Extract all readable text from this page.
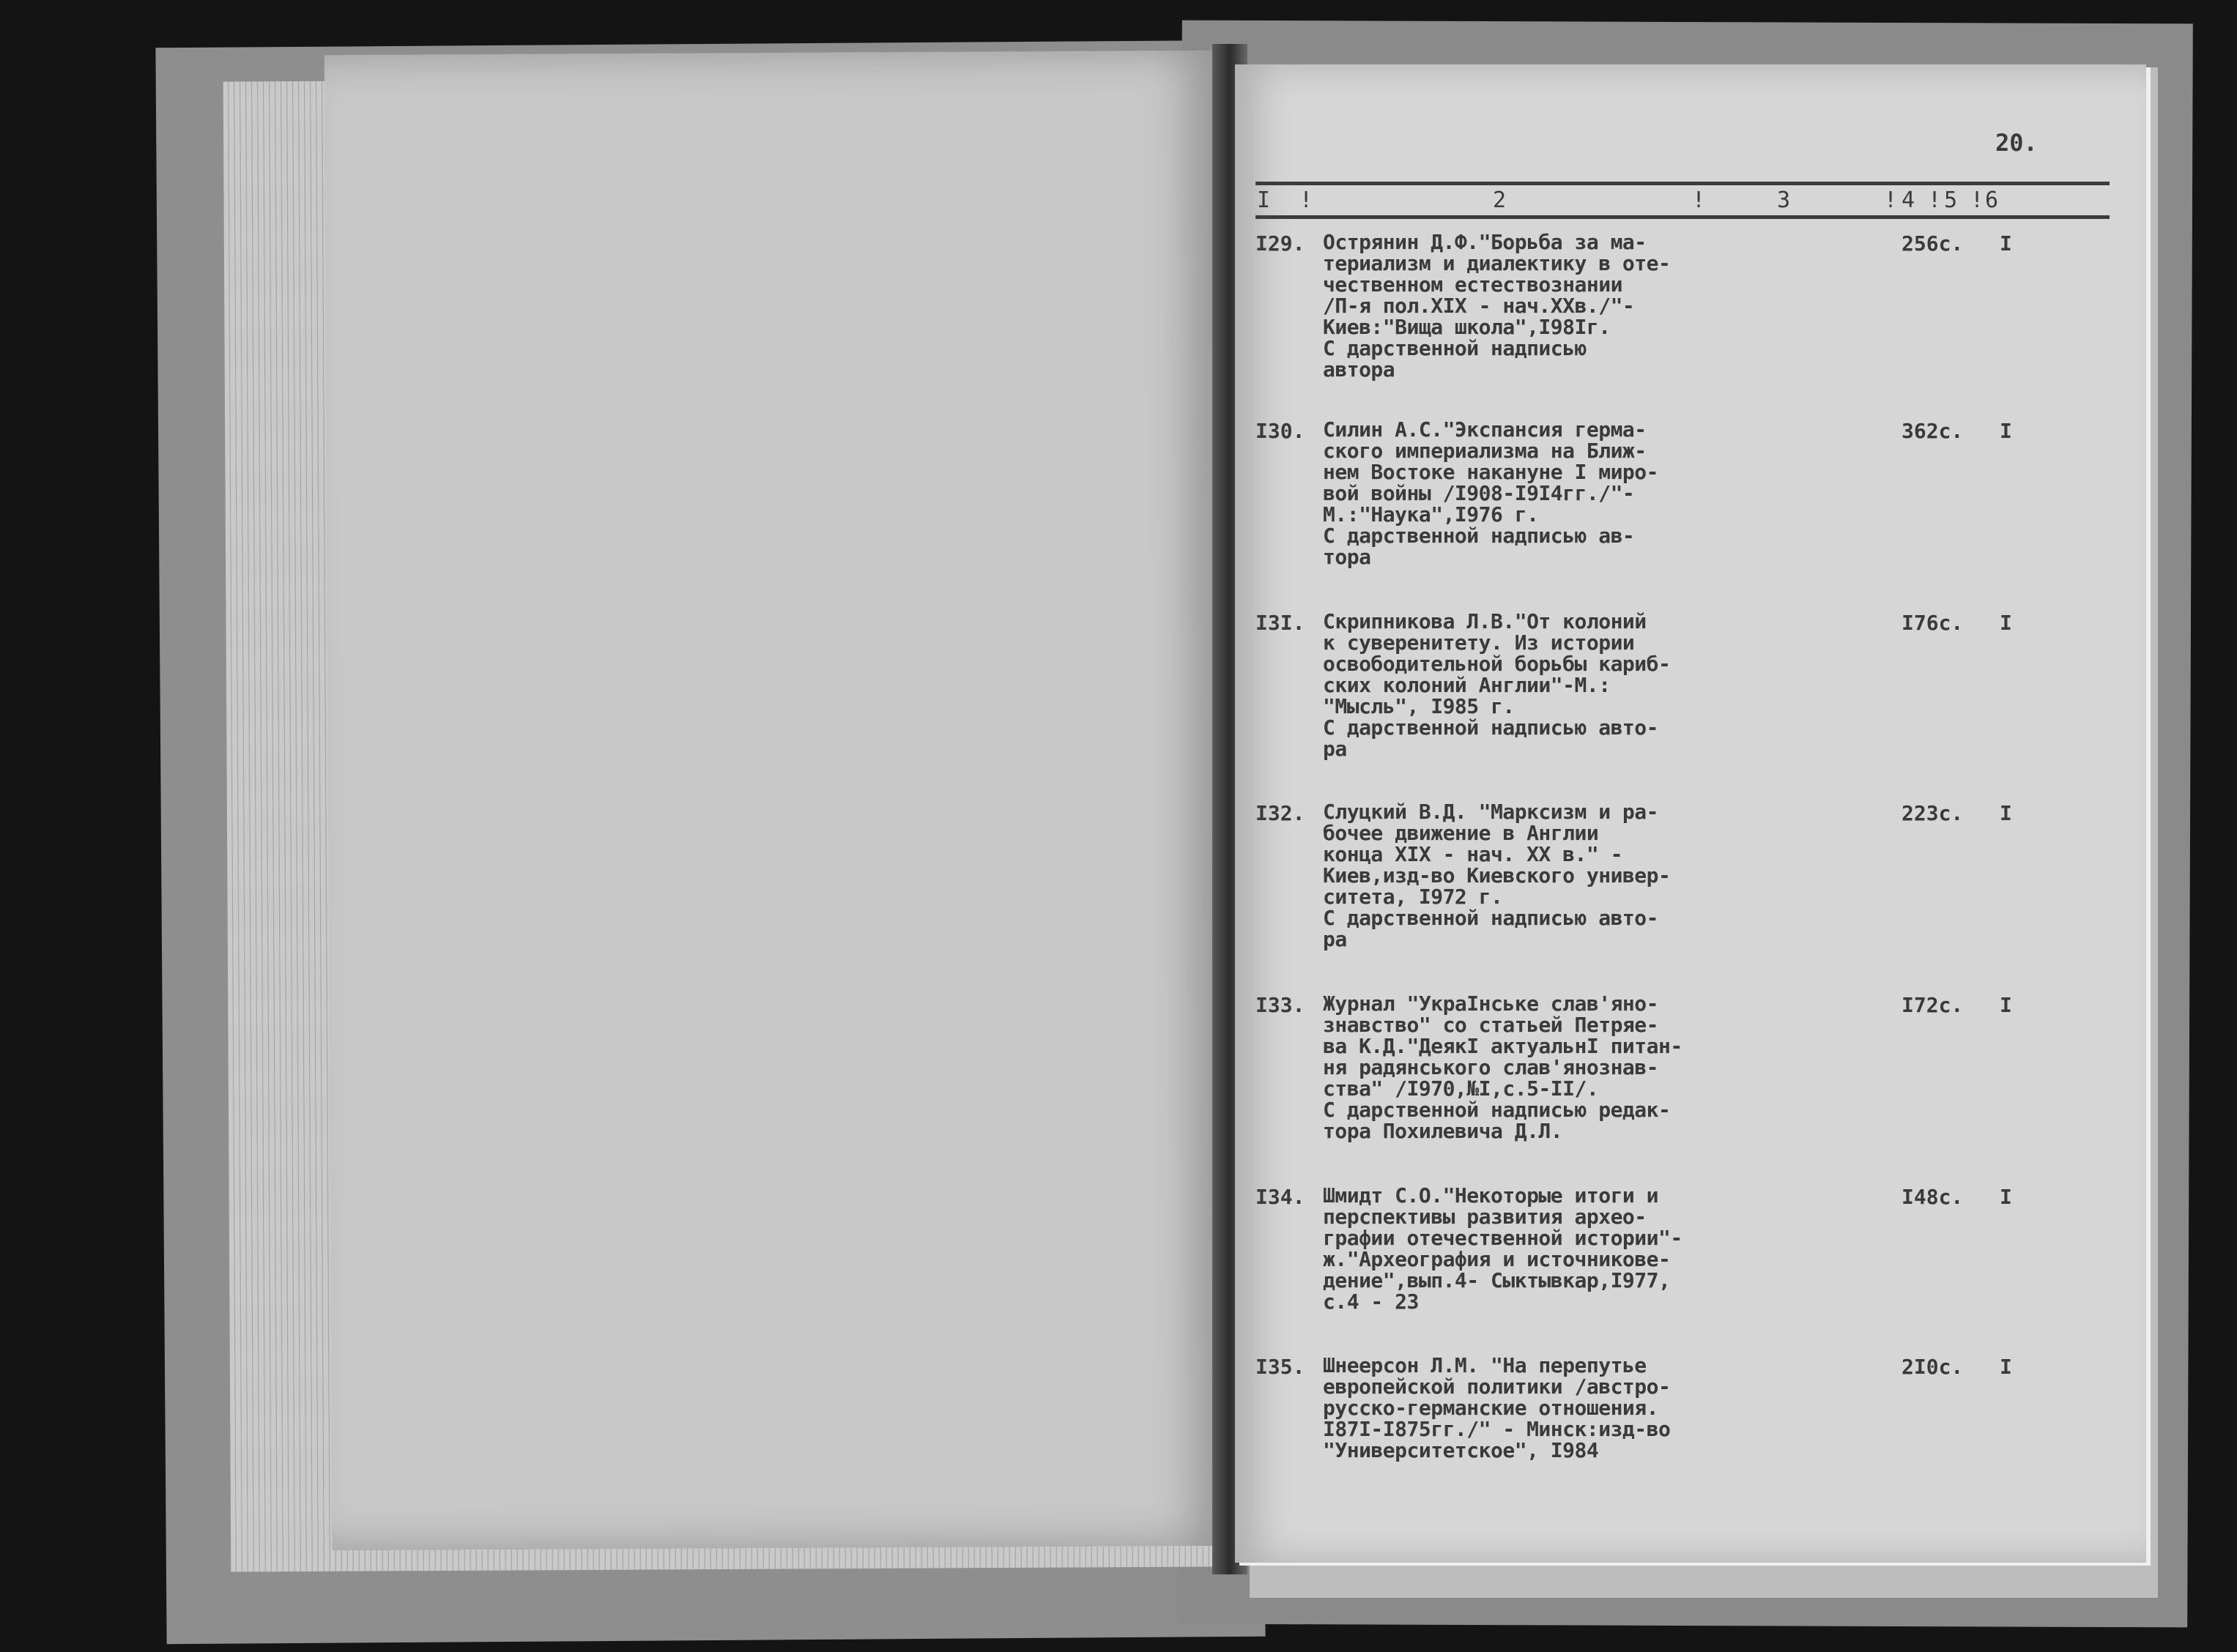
20.
I !	2	!	3	! 4 ! 5 ! 6
I29. Острянин Д.Ф."Борьба за ма-
териализм и диалектику в оте-
чественном естествознании
/П-я пол.XIX - нач.XXв./"-
Киев:"Вища школа",I98Iг.
С дарственной надписью
автора
256с. I
I30. Силин А.С."Экспансия герма-
ского империализма на Ближ-
нем Востоке накануне I миро-
вой войны /I908-I9I4гг./"-
М.:"Наука",I976 г.
С дарственной надписью ав-
тора
362с. I
I3I. Скрипникова Л.В."От колоний
к суверенитету. Из истории
освободительной борьбы кариб-
ских колоний Англии"-М.:
"Мысль", I985 г.
С дарственной надписью авто-
ра
I76с. I
I32. Слуцкий В.Д. "Марксизм и ра-
бочее движение в Англии
конца XIX - нач. XX в." -
Киев,изд-во Киевского универ-
ситета, I972 г.
С дарственной надписью авто-
ра
223с. I
I33. Журнал "УкраIнське слав'яно-
знавство" со статьей Петряе-
ва К.Д."ДеякI актуальнI питан-
ня радянського слав'янознав-
ства" /I970,№I,с.5-II/.
С дарственной надписью редак-
тора Похилевича Д.Л.
I72с. I
I34. Шмидт С.О."Некоторые итоги и
перспективы развития архео-
графии отечественной истории"-
ж."Археография и источникове-
дение",вып.4- Сыктывкар,I977,
с.4 - 23
I48с. I
I35. Шнеерсон Л.М. "На перепутье
европейской политики /австро-
русско-германские отношения.
I87I-I875гг./" - Минск:изд-во
"Университетское", I984
2I0с. I
